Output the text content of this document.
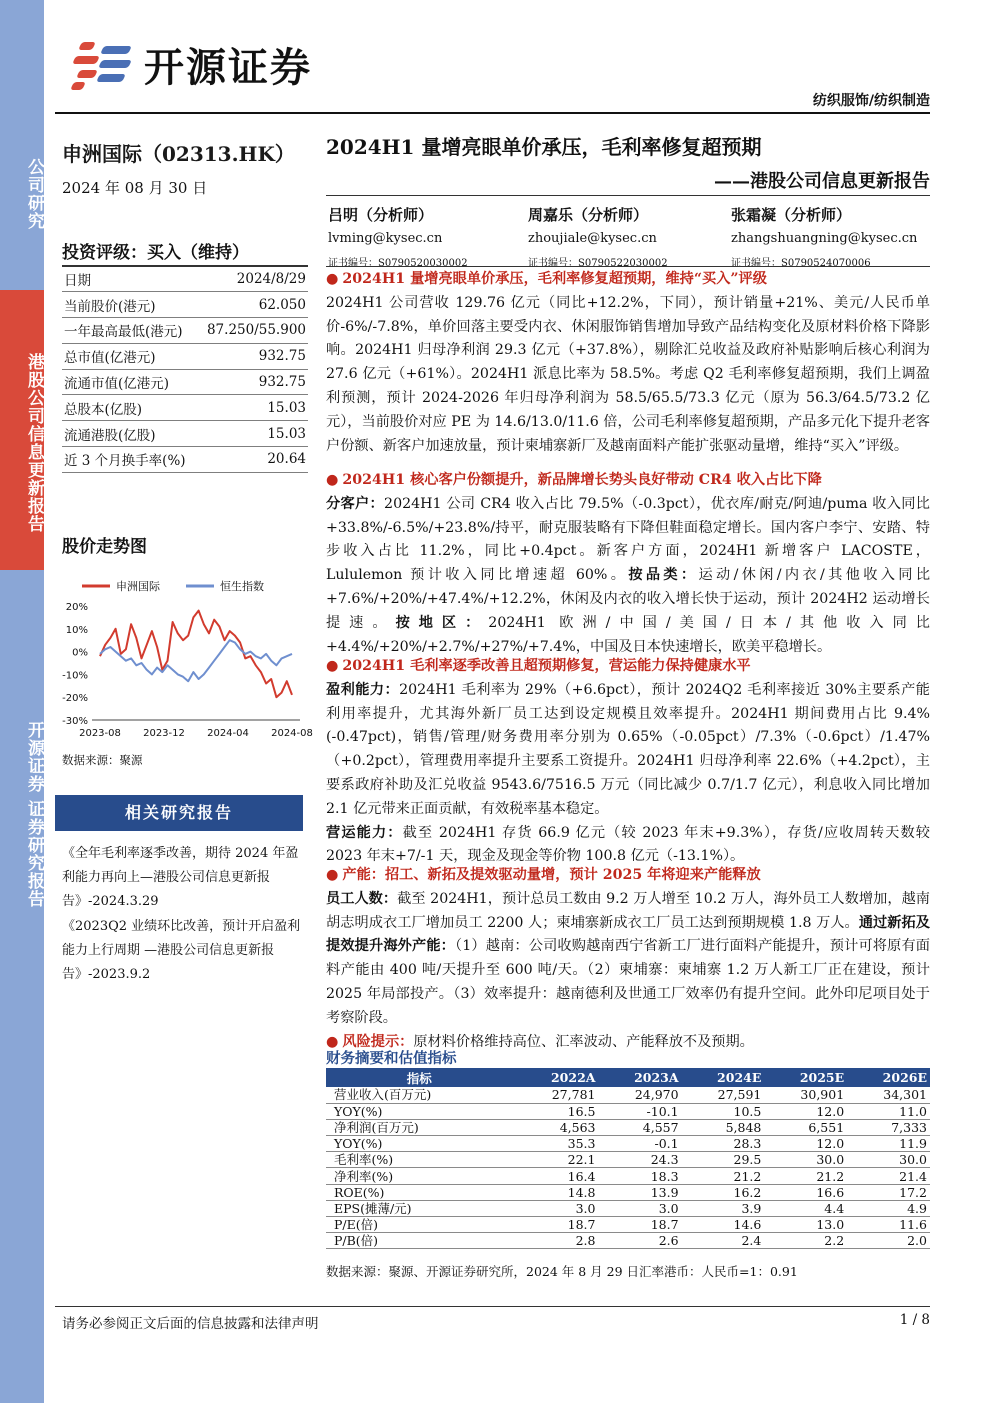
公司研究
港股公司信息更新报告
开源证券 证券研究报告
开源证券
纺织服饰/纺织制造
申洲国际（02313.HK）
2024 年 08 月 30 日
投资评级：买入（维持）
日期	2024/8/29
当前股价(港元)	62.050
一年最高最低(港元)	87.250/55.900
总市值(亿港元)	932.75
流通市值(亿港元)	932.75
总股本(亿股)	15.03
流通港股(亿股)	15.03
近 3 个月换手率(%)	20.64
股价走势图
申洲国际	恒生指数
20%
10%
0%
-10%
-20%
-30%
2023-08 2023-12 2024-04 2024-08
数据来源：聚源
相关研究报告
《全年毛利率逐季改善，期待 2024 年盈利能力再向上—港股公司信息更新报告》-2024.3.29
《2023Q2 业绩环比改善，预计开启盈利能力上行周期 —港股公司信息更新报告》-2023.9.2
2024H1 量增亮眼单价承压，毛利率修复超预期
——港股公司信息更新报告
吕明（分析师）
lvming@kysec.cn
证书编号：S0790520030002
周嘉乐（分析师）
zhoujiale@kysec.cn
证书编号：S0790522030002
张霜凝（分析师）
zhangshuangning@kysec.cn
证书编号：S0790524070006
● 2024H1 量增亮眼单价承压，毛利率修复超预期，维持“买入”评级
2024H1 公司营收 129.76 亿元（同比+12.2%，下同），预计销量+21%、美元/人民币单价-6%/-7.8%，单价回落主要受内衣、休闲服饰销售增加导致产品结构变化及原材料价格下降影响。2024H1 归母净利润 29.3 亿元（+37.8%），剔除汇兑收益及政府补贴影响后核心利润为 27.6 亿元（+61%）。2024H1 派息比率为 58.5%。考虑 Q2 毛利率修复超预期，我们上调盈利预测，预计 2024-2026 年归母净利润为 58.5/65.5/73.3 亿元（原为 56.3/64.5/73.2 亿元），当前股价对应 PE 为 14.6/13.0/11.6 倍，公司毛利率修复超预期，产品多元化下提升老客户份额、新客户加速放量，预计柬埔寨新厂及越南面料产能扩张驱动量增，维持“买入”评级。
● 2024H1 核心客户份额提升，新品牌增长势头良好带动 CR4 收入占比下降
分客户：2024H1 公司 CR4 收入占比 79.5%（-0.3pct），优衣库/耐克/阿迪/puma 收入同比+33.8%/-6.5%/+23.8%/持平，耐克服装略有下降但鞋面稳定增长。国内客户李宁、安踏、特步收入占比 11.2%，同比+0.4pct。新客户方面，2024H1 新增客户 LACOSTE，Lululemon 预计收入同比增速超 60%。按品类：运动/休闲/内衣/其他收入同比+7.6%/+20%/+47.4%/+12.2%，休闲及内衣的收入增长快于运动，预计 2024H2 运动增长提速。按地区：2024H1 欧洲/中国/美国/日本/其他收入同比+4.4%/+20%/+2.7%/+27%/+7.4%，中国及日本快速增长，欧美平稳增长。
● 2024H1 毛利率逐季改善且超预期修复，营运能力保持健康水平
盈利能力：2024H1 毛利率为 29%（+6.6pct），预计 2024Q2 毛利率接近 30%主要系产能利用率提升，尤其海外新厂员工达到设定规模且效率提升。2024H1 期间费用占比 9.4% (-0.47pct)，销售/管理/财务费用率分别为 0.65%（-0.05pct）/7.3%（-0.6pct）/1.47%（+0.2pct），管理费用率提升主要系工资提升。2024H1 归母净利率 22.6%（+4.2pct），主要系政府补助及汇兑收益 9543.6/7516.5 万元（同比减少 0.7/1.7 亿元），利息收入同比增加 2.1 亿元带来正面贡献，有效税率基本稳定。
营运能力：截至 2024H1 存货 66.9 亿元（较 2023 年末+9.3%），存货/应收周转天数较 2023 年末+7/-1 天，现金及现金等价物 100.8 亿元（-13.1%）。
● 产能：招工、新拓及提效驱动量增，预计 2025 年将迎来产能释放
员工人数：截至 2024H1，预计总员工数由 9.2 万人增至 10.2 万人，海外员工人数增加，越南胡志明成衣工厂增加员工 2200 人；柬埔寨新成衣工厂员工达到预期规模 1.8 万人。通过新拓及提效提升海外产能：（1）越南：公司收购越南西宁省新工厂进行面料产能提升，预计可将原有面料产能由 400 吨/天提升至 600 吨/天。（2）柬埔寨：柬埔寨 1.2 万人新工厂正在建设，预计 2025 年局部投产。（3）效率提升：越南德利及世通工厂效率仍有提升空间。此外印尼项目处于考察阶段。
● 风险提示：原材料价格维持高位、汇率波动、产能释放不及预期。
财务摘要和估值指标
指标	2022A	2023A	2024E	2025E	2026E
营业收入(百万元)	27,781	24,970	27,591	30,901	34,301
YOY(%)	16.5	-10.1	10.5	12.0	11.0
净利润(百万元)	4,563	4,557	5,848	6,551	7,333
YOY(%)	35.3	-0.1	28.3	12.0	11.9
毛利率(%)	22.1	24.3	29.5	30.0	30.0
净利率(%)	16.4	18.3	21.2	21.2	21.4
ROE(%)	14.8	13.9	16.2	16.6	17.2
EPS(摊薄/元)	3.0	3.0	3.9	4.4	4.9
P/E(倍)	18.7	18.7	14.6	13.0	11.6
P/B(倍)	2.8	2.6	2.4	2.2	2.0
数据来源：聚源、开源证券研究所，2024 年 8 月 29 日汇率港币：人民币=1：0.91
请务必参阅正文后面的信息披露和法律声明	1 / 8
